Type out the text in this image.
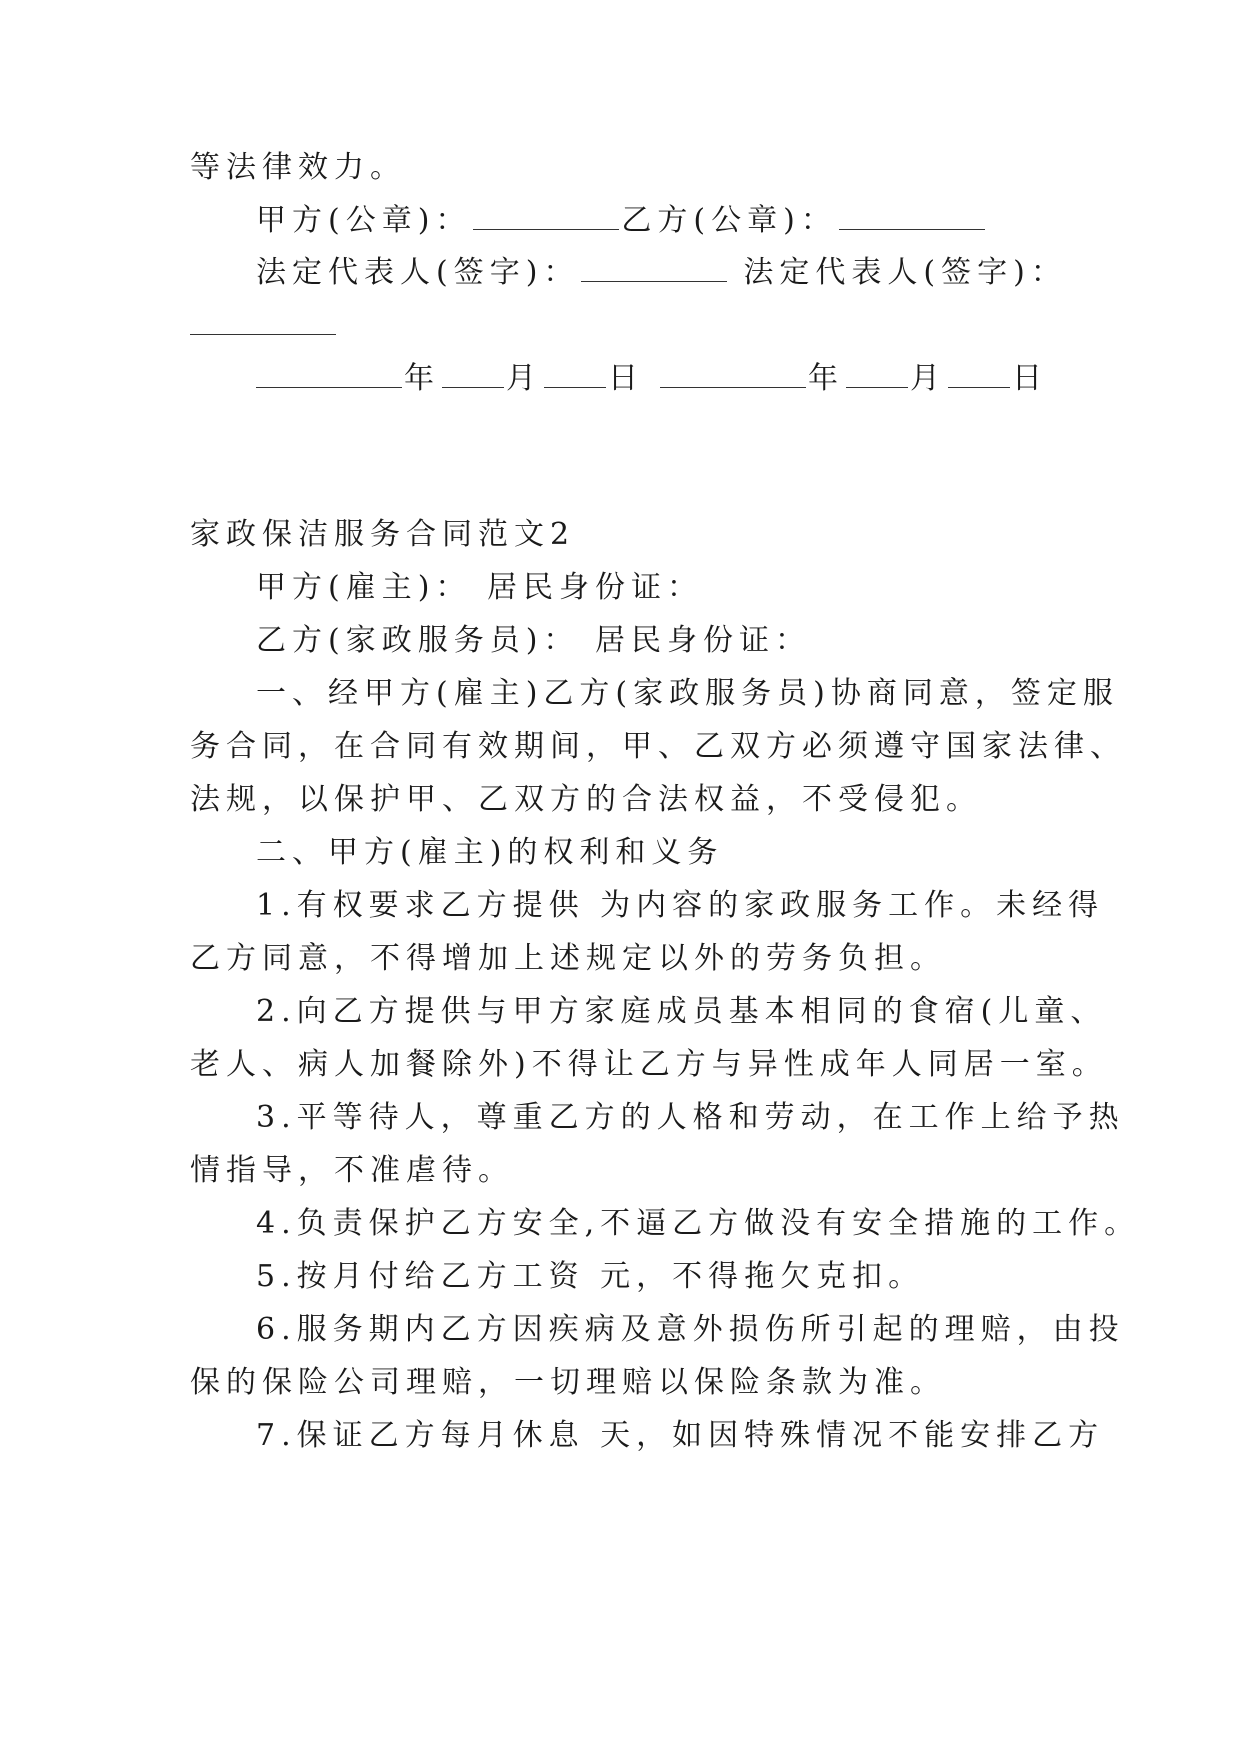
等法律效力。
甲方(公章)：	乙方(公章)：
法定代表人(签字)：	法定代表人(签字)：
年 月 日	年 月 日
家政保洁服务合同范文2
甲方(雇主)： 居民身份证：
乙方(家政服务员)： 居民身份证：
一、经甲方(雇主)乙方(家政服务员)协商同意，签定服
务合同，在合同有效期间，甲、乙双方必须遵守国家法律、
法规，以保护甲、乙双方的合法权益，不受侵犯。
二、甲方(雇主)的权利和义务
1.有权要求乙方提供 为内容的家政服务工作。未经得
乙方同意，不得增加上述规定以外的劳务负担。
2.向乙方提供与甲方家庭成员基本相同的食宿(儿童、
老人、病人加餐除外)不得让乙方与异性成年人同居一室。
3.平等待人，尊重乙方的人格和劳动，在工作上给予热
情指导，不准虐待。
4.负责保护乙方安全,不逼乙方做没有安全措施的工作。
5.按月付给乙方工资 元，不得拖欠克扣。
6.服务期内乙方因疾病及意外损伤所引起的理赔，由投
保的保险公司理赔，一切理赔以保险条款为准。
7.保证乙方每月休息 天，如因特殊情况不能安排乙方
